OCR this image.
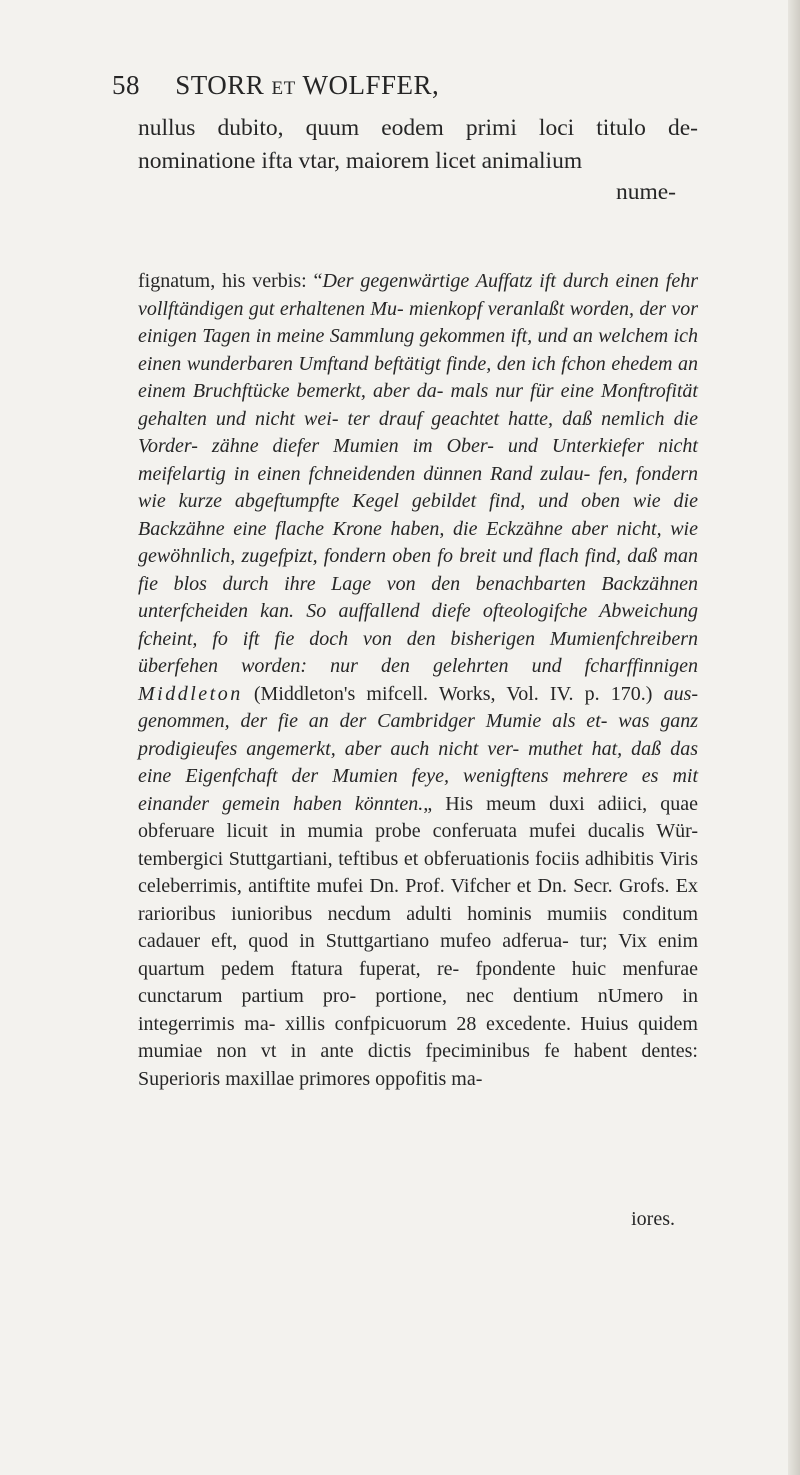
58 STORR ET WOLFFER,
nullus dubito, quum eodem primi loci titulo de- nominatione ifta vtar, maiorem licet animalium
nume-

fignatum, his verbis: “Der gegenwärtige Auffatz ift durch einen fehr vollftändigen gut erhaltenen Mu- mienkopf veranlaßt worden, der vor einigen Tagen in meine Sammlung gekommen ift, und an welchem ich einen wunderbaren Umftand beftätigt finde, den ich fchon ehedem an einem Bruchftücke bemerkt, aber da- mals nur für eine Monftrofität gehalten und nicht wei- ter drauf geachtet hatte, daß nemlich die Vorder- zähne diefer Mumien im Ober- und Unterkiefer nicht meifelartig in einen fchneidenden dünnen Rand zulau- fen, fondern wie kurze abgeftumpfte Kegel gebildet find, und oben wie die Backzähne eine flache Krone haben, die Eckzähne aber nicht, wie gewöhnlich, zugefpizt, fondern oben fo breit und flach find, daß man fie blos durch ihre Lage von den benachbarten Backzähnen unterfcheiden kan. So auffallend diefe ofteologifche Abweichung fcheint, fo ift fie doch von den bisherigen Mumienfchreibern überfehen worden: nur den gelehrten und fcharffinnigen Middleton (Middleton's mifcell. Works, Vol. IV. p. 170.) aus- genommen, der fie an der Cambridger Mumie als et- was ganz prodigieufes angemerkt, aber auch nicht ver- muthet hat, daß das eine Eigenfchaft der Mumien feye, wenigftens mehrere es mit einander gemein haben könnten.„ His meum duxi adiici, quae obferuare licuit in mumia probe conferuata mufei ducalis Wür- tembergici Stuttgartiani, teftibus et obferuationis fociis adhibitis Viris celeberrimis, antiftite mufei Dn. Prof. Vifcher et Dn. Secr. Grofs. Ex rarioribus iunioribus necdum adulti hominis mumiis conditum cadauer eft, quod in Stuttgartiano mufeo adferua- tur; Vix enim quartum pedem ftatura fuperat, re- fpondente huic menfurae cunctarum partium pro- portione, nec dentium nUmero in integerrimis ma- xillis confpicuorum 28 excedente. Huius quidem mumiae non vt in ante dictis fpeciminibus fe habent dentes: Superioris maxillae primores oppofitis ma-

iores.
